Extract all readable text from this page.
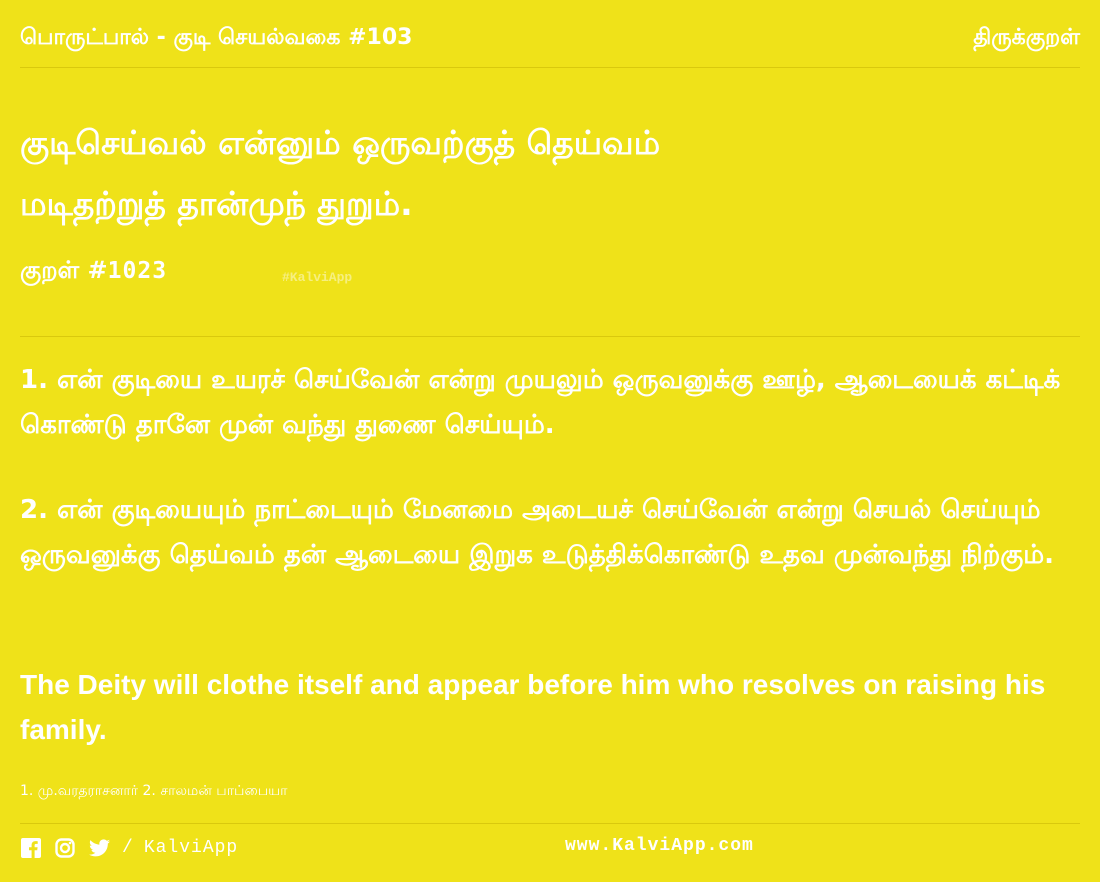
பொருட்பால் - குடி செயல்வகை #103	திருக்குறள்
குடிசெய்வல் என்னும் ஒருவற்குத் தெய்வம்
மடிதற்றுத் தான்முந் துறும்.
குறள் #1023	#KalviApp
1. என் குடியை உயரச் செய்வேன் என்று முயலும் ஒருவனுக்கு ஊழ், ஆடையைக் கட்டிக் கொண்டு தானே முன் வந்து துணை செய்யும்.
2. என் குடியையும் நாட்டையும் மேனமை அடையச் செய்வேன் என்று செயல் செய்யும் ஒருவனுக்கு தெய்வம் தன் ஆடையை இறுக உடுத்திக்கொண்டு உதவ முன்வந்து நிற்கும்.
The Deity will clothe itself and appear before him who resolves on raising his family.
1. மு.வரதராசனார் 2. சாலமன் பாப்பையா
/ KalviApp	www.KalviApp.com
